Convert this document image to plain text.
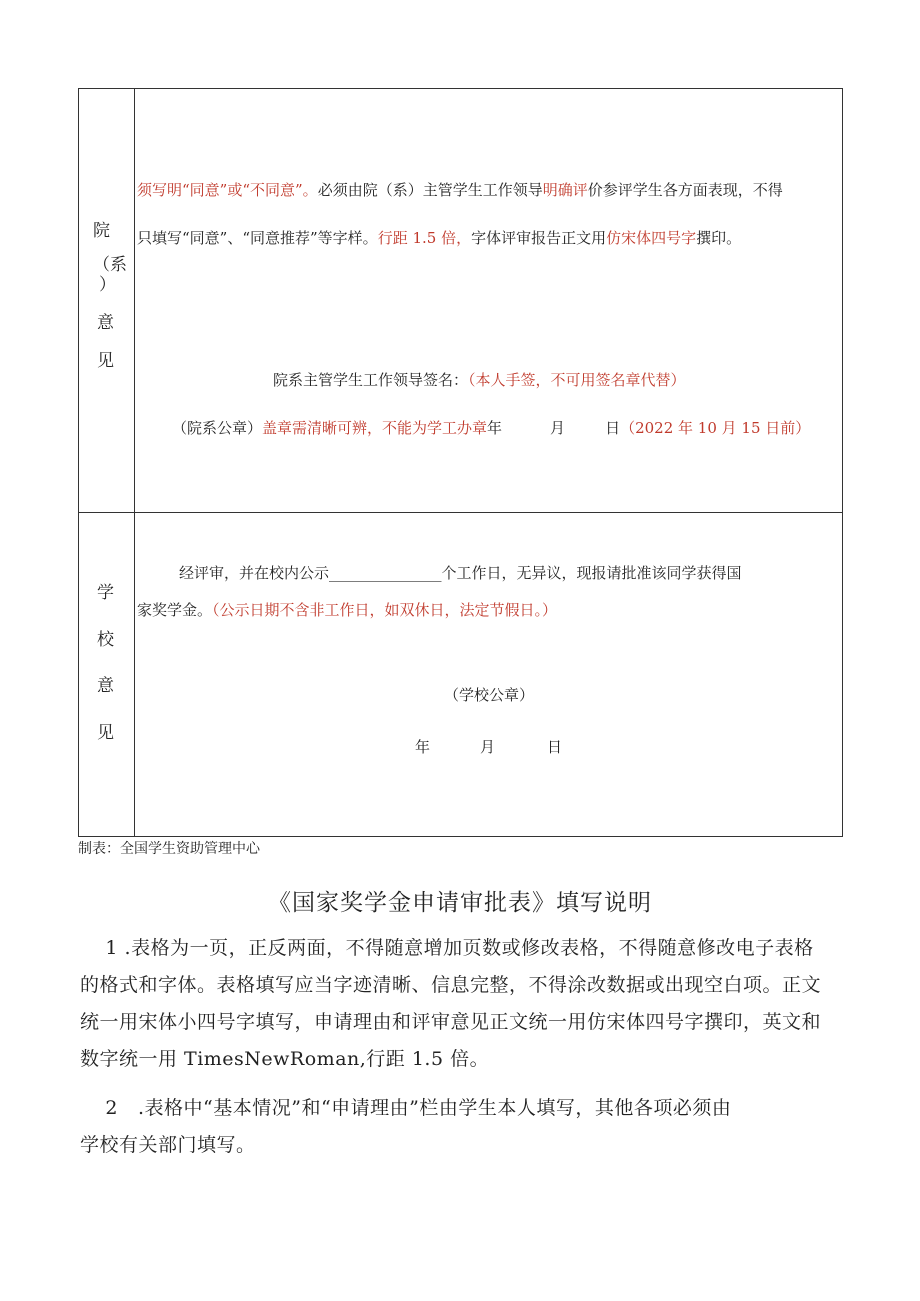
院
（系
）
意
见
须写明“同意”或“不同意”。必须由院（系）主管学生工作领导明确评价参评学生各方面表现，不得
只填写“同意”、“同意推荐”等字样。行距 1.5 倍，字体评审报告正文用仿宋体四号字撰印。
院系主管学生工作领导签名：（本人手签，不可用签名章代替）
（院系公章）盖章需清晰可辨，不能为学工办章年	月	日（2022 年 10 月 15 日前）
学
校
意
见
经评审，并在校内公示_______________个工作日，无异议，现报请批准该同学获得国
家奖学金。（公示日期不含非工作日，如双休日，法定节假日。）
（学校公章）
年	月	日
制表：全国学生资助管理中心
《国家奖学金申请审批表》填写说明
1 .表格为一页，正反两面，不得随意增加页数或修改表格，不得随意修改电子表格
的格式和字体。表格填写应当字迹清晰、信息完整，不得涂改数据或出现空白项。正文
统一用宋体小四号字填写，申请理由和评审意见正文统一用仿宋体四号字撰印，英文和
数字统一用 TimesNewRoman,行距 1.5 倍。
2 .表格中“基本情况”和“申请理由”栏由学生本人填写，其他各项必须由
学校有关部门填写。
